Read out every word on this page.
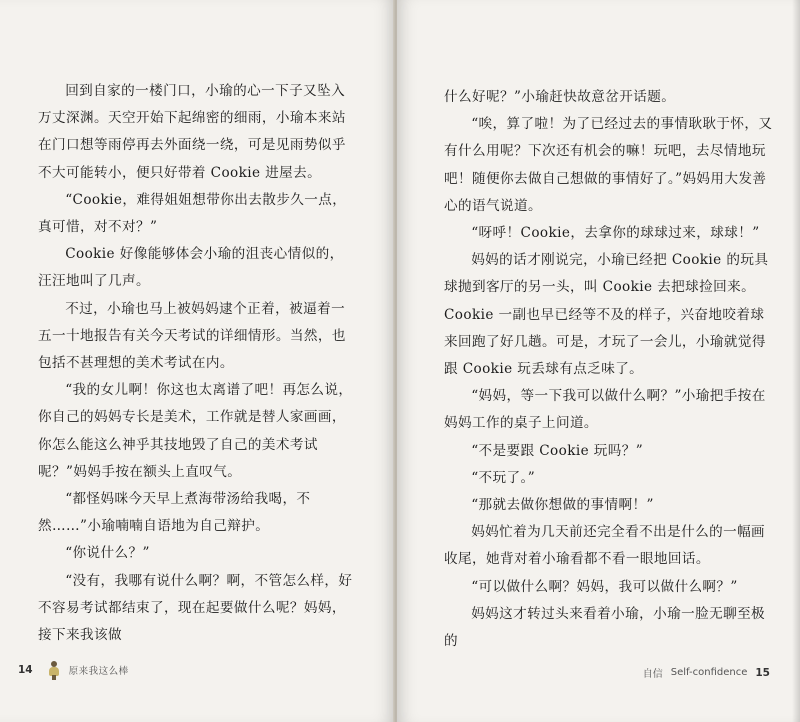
回到自家的一楼门口，小瑜的心一下子又坠入万丈深渊。天空开始下起绵密的细雨，小瑜本来站在门口想等雨停再去外面绕一绕，可是见雨势似乎不大可能转小，便只好带着 Cookie 进屋去。

“Cookie，难得姐姐想带你出去散步久一点，真可惜，对不对？”

Cookie 好像能够体会小瑜的沮丧心情似的，汪汪地叫了几声。

不过，小瑜也马上被妈妈逮个正着，被逼着一五一十地报告有关今天考试的详细情形。当然，也包括不甚理想的美术考试在内。

“我的女儿啊！你这也太离谱了吧！再怎么说，你自己的妈妈专长是美术，工作就是替人家画画，你怎么能这么神乎其技地毁了自己的美术考试呢？”妈妈手按在额头上直叹气。

“都怪妈咪今天早上煮海带汤给我喝，不然……”小瑜喃喃自语地为自己辩护。

“你说什么？”

“没有，我哪有说什么啊？啊，不管怎么样，好不容易考试都结束了，现在起要做什么呢？妈妈，接下来我该做

14	原来我这么棒

什么好呢？”小瑜赶快故意岔开话题。

“唉，算了啦！为了已经过去的事情耿耿于怀，又有什么用呢？下次还有机会的嘛！玩吧，去尽情地玩吧！随便你去做自己想做的事情好了。”妈妈用大发善心的语气说道。

“呀呼！Cookie，去拿你的球球过来，球球！”

妈妈的话才刚说完，小瑜已经把 Cookie 的玩具球抛到客厅的另一头，叫 Cookie 去把球捡回来。Cookie 一副也早已经等不及的样子，兴奋地咬着球来回跑了好几趟。可是，才玩了一会儿，小瑜就觉得跟 Cookie 玩丢球有点乏味了。

“妈妈，等一下我可以做什么啊？”小瑜把手按在妈妈工作的桌子上问道。

“不是要跟 Cookie 玩吗？”

“不玩了。”

“那就去做你想做的事情啊！”

妈妈忙着为几天前还完全看不出是什么的一幅画收尾，她背对着小瑜看都不看一眼地回话。

“可以做什么啊？妈妈，我可以做什么啊？”

妈妈这才转过头来看着小瑜，小瑜一脸无聊至极的

自信 Self-confidence 15
